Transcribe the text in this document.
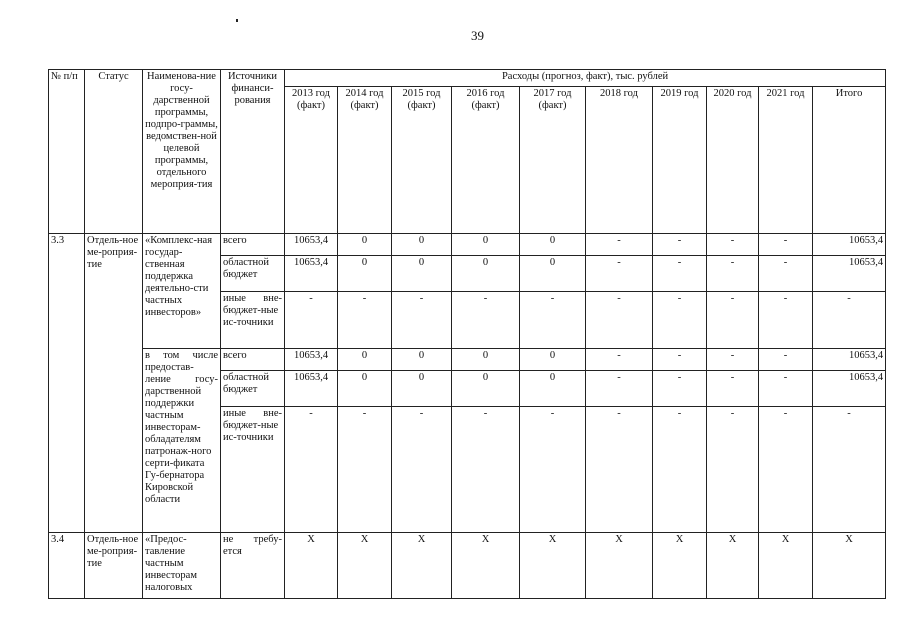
39
№ п/п	Статус	Наименова-ние госу-дарственной программы, подпро-граммы, ведомствен-ной целевой программы, отдельного мероприя-тия	Источники финанси-рования	Расходы (прогноз, факт), тыс. рублей									
				2013 год (факт)	2014 год (факт)	2015 год (факт)	2016 год (факт)	2017 год (факт)	2018 год	2019 год	2020 год	2021 год	Итого
3.3	Отдель-ное ме-роприя-тие	«Комплекс-ная государ-ственная поддержка деятельно-сти частных инвесторов»	всего	10653,4	0	0	0	0	-	-	-	-	10653,4
			областной бюджет	10653,4	0	0	0	0	-	-	-	-	10653,4
			иные вне-бюджет-ные ис-точники	-	-	-	-	-	-	-	-	-	-
		в том числе предостав-ление госу-дарственной поддержки частным инвесторам-обладателям патронаж-ного серти-фиката Гу-бернатора Кировской области	всего	10653,4	0	0	0	0	-	-	-	-	10653,4
			областной бюджет	10653,4	0	0	0	0	-	-	-	-	10653,4
			иные вне-бюджет-ные ис-точники	-	-	-	-	-	-	-	-	-	-
3.4	Отдель-ное ме-роприя-тие	«Предос-тавление частным инвесторам налоговых	не требу-ется	X	X	X	X	X	X	X	X	X	X
